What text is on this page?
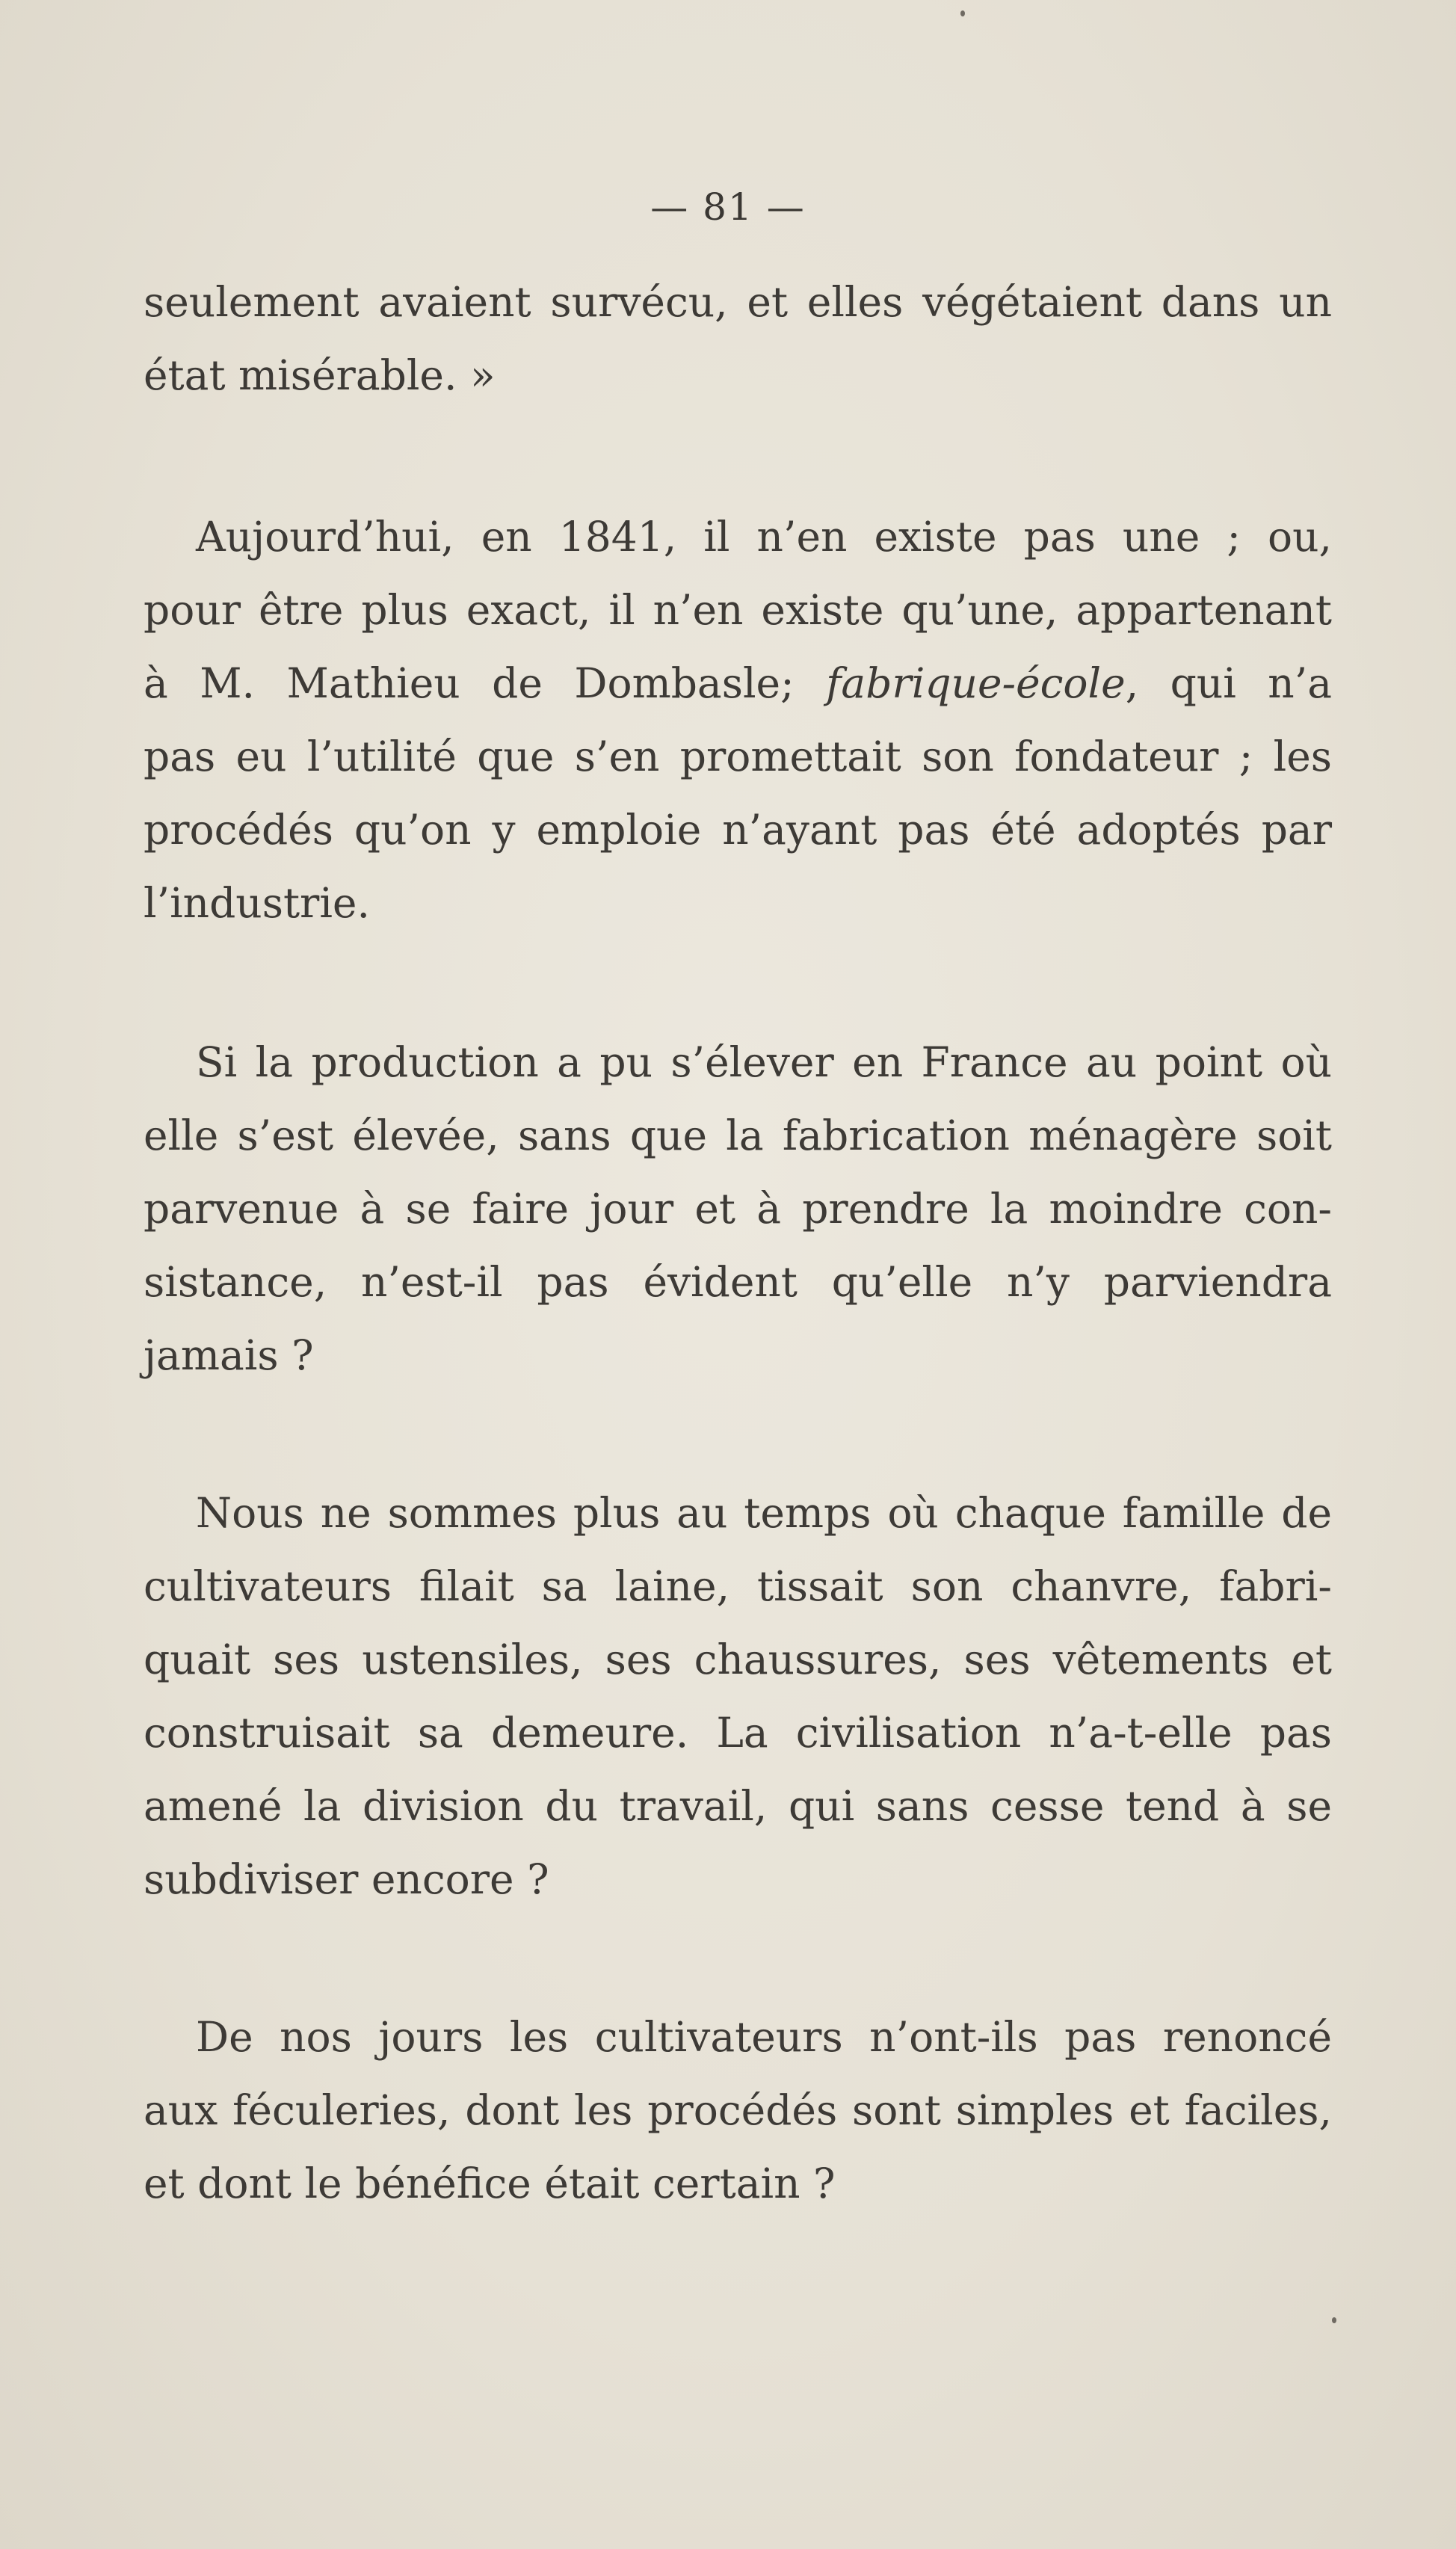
— 81 —
seulement avaient survécu, et elles végétaient dans un
état misérable. »
Aujourd’hui, en 1841, il n’en existe pas une ; ou,
pour être plus exact, il n’en existe qu’une, appartenant
à M. Mathieu de Dombasle; fabrique-école, qui n’a
pas eu l’utilité que s’en promettait son fondateur ; les
procédés qu’on y emploie n’ayant pas été adoptés par
l’industrie.
Si la production a pu s’élever en France au point où
elle s’est élevée, sans que la fabrication ménagère soit
parvenue à se faire jour et à prendre la moindre con-
sistance, n’est-il pas évident qu’elle n’y parviendra
jamais ?
Nous ne sommes plus au temps où chaque famille de
cultivateurs filait sa laine, tissait son chanvre, fabri-
quait ses ustensiles, ses chaussures, ses vêtements et
construisait sa demeure. La civilisation n’a-t-elle pas
amené la division du travail, qui sans cesse tend à se
subdiviser encore ?
De nos jours les cultivateurs n’ont-ils pas renoncé
aux féculeries, dont les procédés sont simples et faciles,
et dont le bénéfice était certain ?
